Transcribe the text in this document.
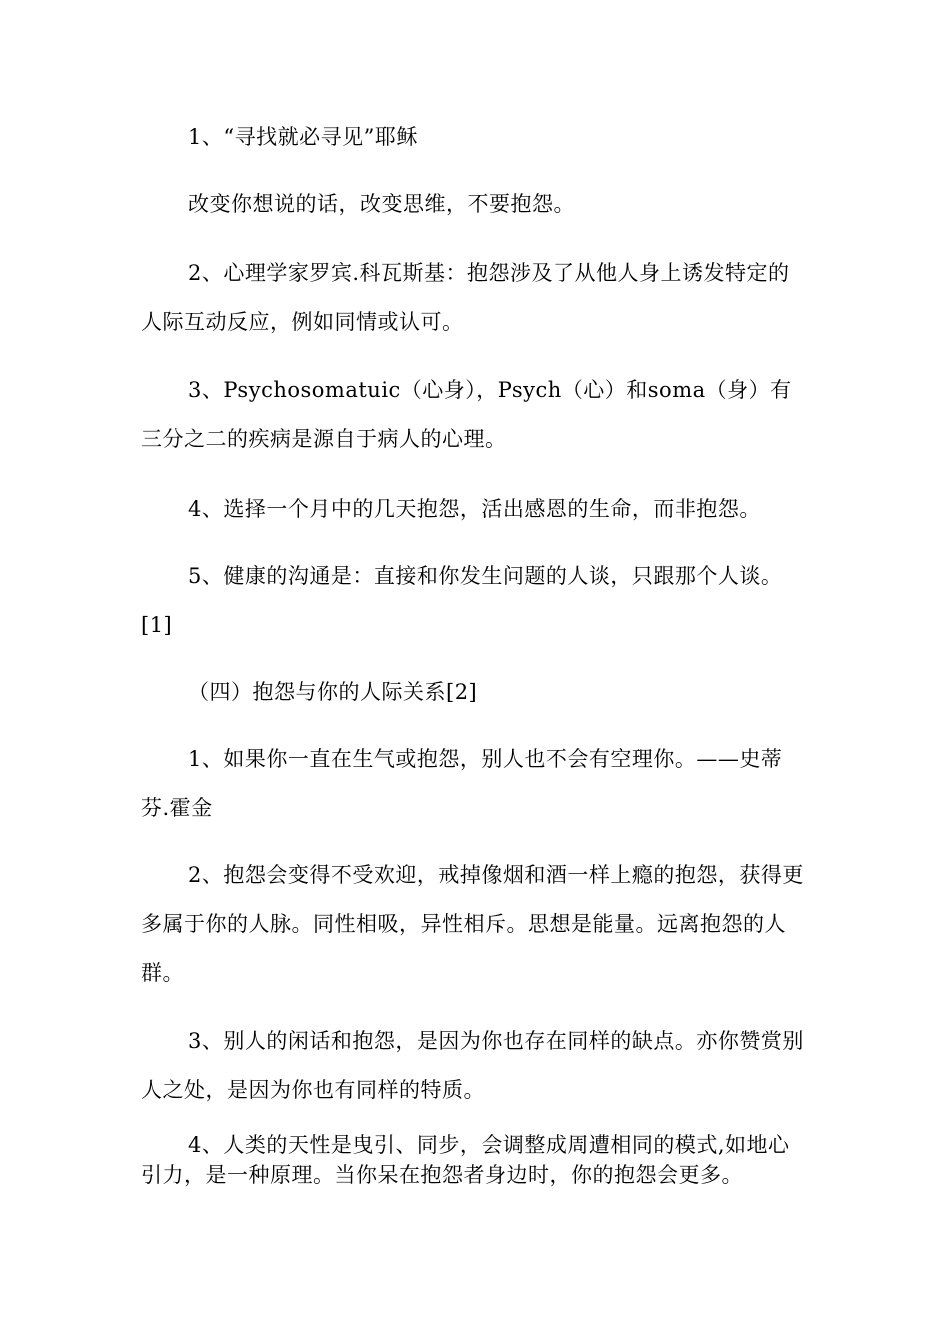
1、“寻找就必寻见”耶稣

改变你想说的话，改变思维，不要抱怨。

2、心理学家罗宾.科瓦斯基：抱怨涉及了从他人身上诱发特定的人际互动反应，例如同情或认可。

3、Psychosomatuic（心身），Psych（心）和soma（身）有三分之二的疾病是源自于病人的心理。

4、选择一个月中的几天抱怨，活出感恩的生命，而非抱怨。

5、健康的沟通是：直接和你发生问题的人谈，只跟那个人谈。[1]

（四）抱怨与你的人际关系[2]

1、如果你一直在生气或抱怨，别人也不会有空理你。——史蒂芬.霍金

2、抱怨会变得不受欢迎，戒掉像烟和酒一样上瘾的抱怨，获得更多属于你的人脉。同性相吸，异性相斥。思想是能量。远离抱怨的人群。

3、别人的闲话和抱怨，是因为你也存在同样的缺点。亦你赞赏别人之处，是因为你也有同样的特质。

4、人类的天性是曳引、同步，会调整成周遭相同的模式,如地心引力，是一种原理。当你呆在抱怨者身边时，你的抱怨会更多。
